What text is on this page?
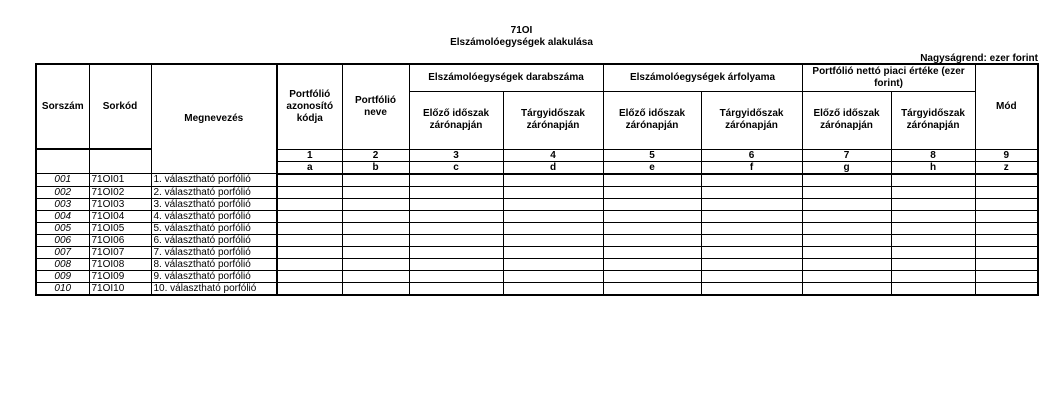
71OI
Elszámolóegységek alakulása
Nagyságrend: ezer forint
Sorszám	Sorkód	Megnevezés	Portfólió azonosító kódja	Portfólió neve	Elszámolóegységek darabszáma		Elszámolóegységek árfolyama		Portfólió nettó piaci értéke (ezer forint)		Mód
					Előző időszak zárónapján	Tárgyidőszak zárónapján	Előző időszak zárónapján	Tárgyidőszak zárónapján	Előző időszak zárónapján	Tárgyidőszak zárónapján	
			1	2	3	4	5	6	7	8	9
			a	b	c	d	e	f	g	h	z
001	71OI01	1. választható porfólió									
002	71OI02	2. választható porfólió									
003	71OI03	3. választható porfólió									
004	71OI04	4. választható porfólió									
005	71OI05	5. választható porfólió									
006	71OI06	6. választható porfólió									
007	71OI07	7. választható porfólió									
008	71OI08	8. választható porfólió									
009	71OI09	9. választható porfólió									
010	71OI10	10. választható porfólió									
